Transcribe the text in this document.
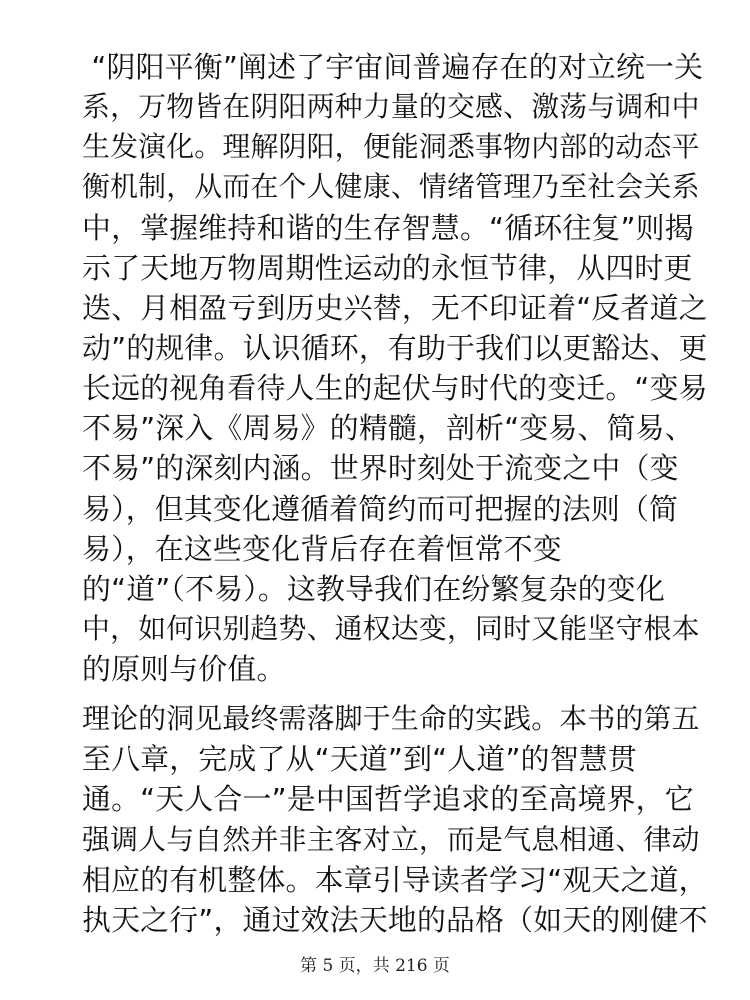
“阴阳平衡”阐述了宇宙间普遍存在的对立统一关
系，万物皆在阴阳两种力量的交感、激荡与调和中
生发演化。理解阴阳，便能洞悉事物内部的动态平
衡机制，从而在个人健康、情绪管理乃至社会关系
中，掌握维持和谐的生存智慧。“循环往复”则揭
示了天地万物周期性运动的永恒节律，从四时更
迭、月相盈亏到历史兴替，无不印证着“反者道之
动”的规律。认识循环，有助于我们以更豁达、更
长远的视角看待人生的起伏与时代的变迁。“变易
不易”深入《周易》的精髓，剖析“变易、简易、
不易”的深刻内涵。世界时刻处于流变之中（变
易），但其变化遵循着简约而可把握的法则（简
易），在这些变化背后存在着恒常不变
的“道”（不易）。这教导我们在纷繁复杂的变化
中，如何识别趋势、通权达变，同时又能坚守根本
的原则与价值。
理论的洞见最终需落脚于生命的实践。本书的第五
至八章，完成了从“天道”到“人道”的智慧贯
通。“天人合一”是中国哲学追求的至高境界，它
强调人与自然并非主客对立，而是气息相通、律动
相应的有机整体。本章引导读者学习“观天之道，
执天之行”，通过效法天地的品格（如天的刚健不
第 5 页，共 216 页
